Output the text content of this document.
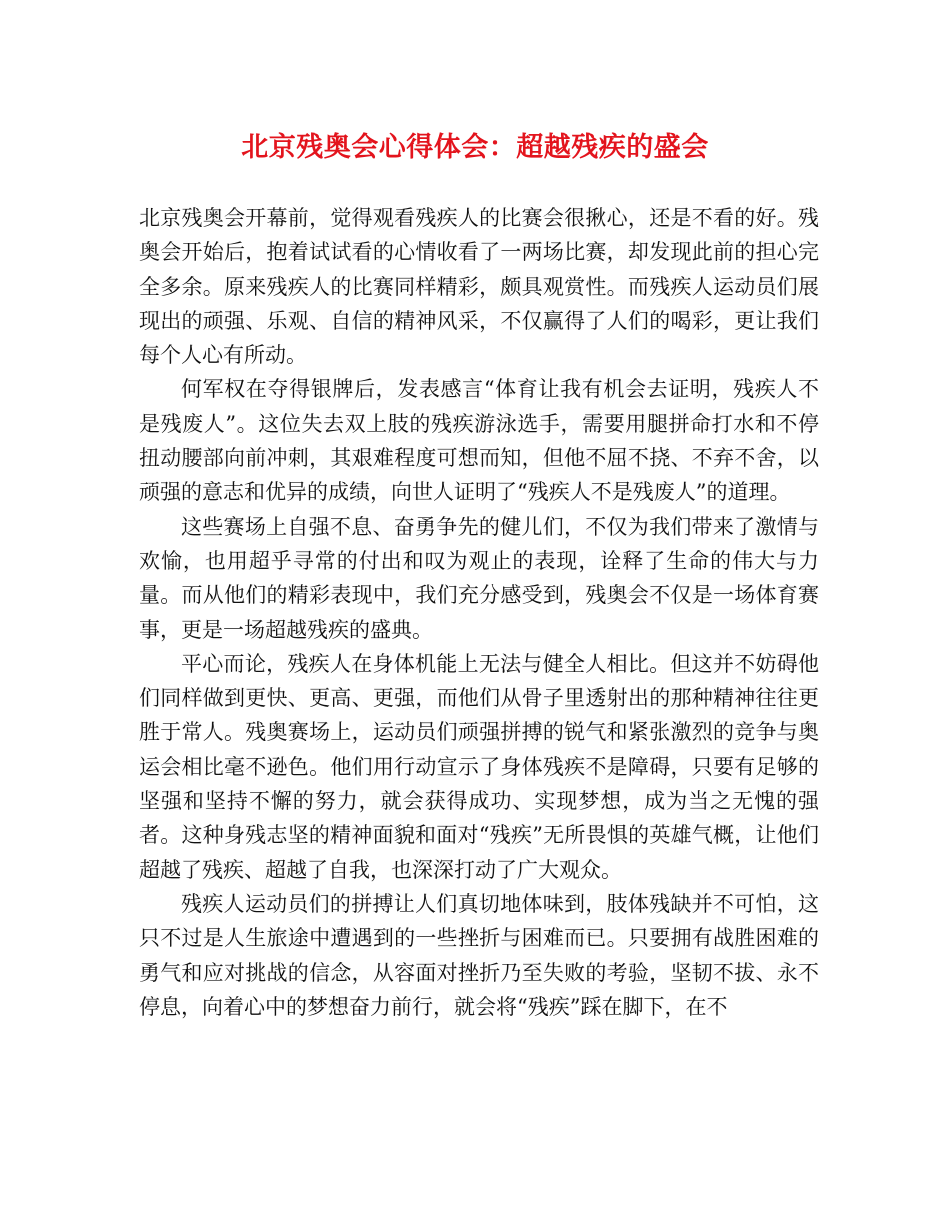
北京残奥会心得体会：超越残疾的盛会

北京残奥会开幕前，觉得观看残疾人的比赛会很揪心，还是不看的好。残奥会开始后，抱着试试看的心情收看了一两场比赛，却发现此前的担心完全多余。原来残疾人的比赛同样精彩，颇具观赏性。而残疾人运动员们展现出的顽强、乐观、自信的精神风采，不仅赢得了人们的喝彩，更让我们每个人心有所动。

何军权在夺得银牌后，发表感言“体育让我有机会去证明，残疾人不是残废人”。这位失去双上肢的残疾游泳选手，需要用腿拼命打水和不停扭动腰部向前冲刺，其艰难程度可想而知，但他不屈不挠、不弃不舍，以顽强的意志和优异的成绩，向世人证明了“残疾人不是残废人”的道理。

这些赛场上自强不息、奋勇争先的健儿们，不仅为我们带来了激情与欢愉，也用超乎寻常的付出和叹为观止的表现，诠释了生命的伟大与力量。而从他们的精彩表现中，我们充分感受到，残奥会不仅是一场体育赛事，更是一场超越残疾的盛典。

平心而论，残疾人在身体机能上无法与健全人相比。但这并不妨碍他们同样做到更快、更高、更强，而他们从骨子里透射出的那种精神往往更胜于常人。残奥赛场上，运动员们顽强拼搏的锐气和紧张激烈的竞争与奥运会相比毫不逊色。他们用行动宣示了身体残疾不是障碍，只要有足够的坚强和坚持不懈的努力，就会获得成功、实现梦想，成为当之无愧的强者。这种身残志坚的精神面貌和面对“残疾”无所畏惧的英雄气概，让他们超越了残疾、超越了自我，也深深打动了广大观众。

残疾人运动员们的拼搏让人们真切地体味到，肢体残缺并不可怕，这只不过是人生旅途中遭遇到的一些挫折与困难而已。只要拥有战胜困难的勇气和应对挑战的信念，从容面对挫折乃至失败的考验，坚韧不拔、永不停息，向着心中的梦想奋力前行，就会将“残疾”踩在脚下，在不
